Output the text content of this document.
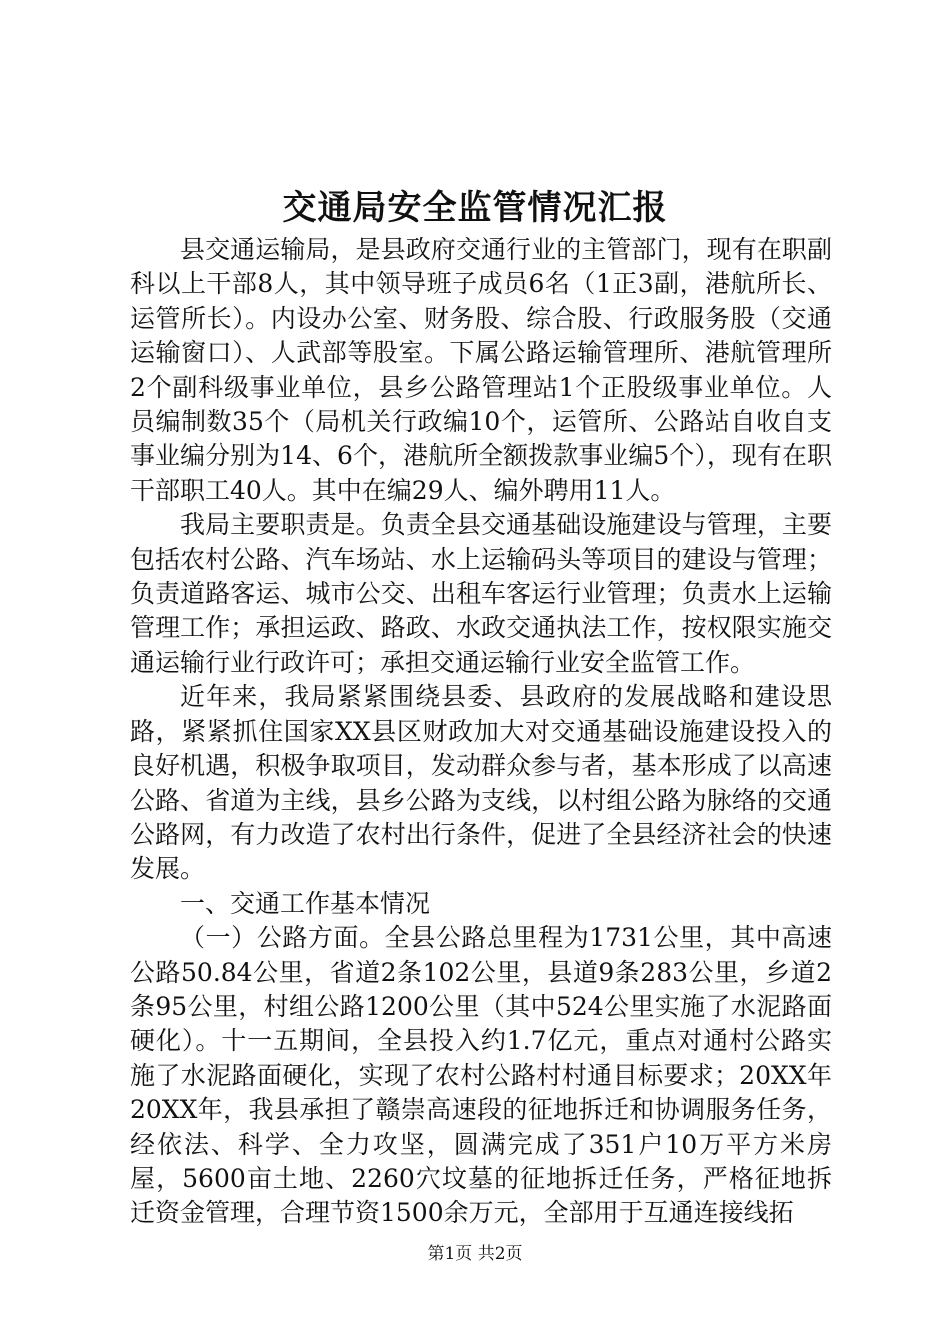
交通局安全监管情况汇报

县交通运输局，是县政府交通行业的主管部门，现有在职副科以上干部8人，其中领导班子成员6名（1正3副，港航所长、运管所长）。内设办公室、财务股、综合股、行政服务股（交通运输窗口）、人武部等股室。下属公路运输管理所、港航管理所2个副科级事业单位，县乡公路管理站1个正股级事业单位。人员编制数35个（局机关行政编10个，运管所、公路站自收自支事业编分别为14、6个，港航所全额拨款事业编5个），现有在职干部职工40人。其中在编29人、编外聘用11人。

我局主要职责是。负责全县交通基础设施建设与管理，主要包括农村公路、汽车场站、水上运输码头等项目的建设与管理；负责道路客运、城市公交、出租车客运行业管理；负责水上运输管理工作；承担运政、路政、水政交通执法工作，按权限实施交通运输行业行政许可；承担交通运输行业安全监管工作。

近年来，我局紧紧围绕县委、县政府的发展战略和建设思路，紧紧抓住国家XX县区财政加大对交通基础设施建设投入的良好机遇，积极争取项目，发动群众参与者，基本形成了以高速公路、省道为主线，县乡公路为支线，以村组公路为脉络的交通公路网，有力改造了农村出行条件，促进了全县经济社会的快速发展。

一、交通工作基本情况

（一）公路方面。全县公路总里程为1731公里，其中高速公路50.84公里，省道2条102公里，县道9条283公里，乡道2条95公里，村组公路1200公里（其中524公里实施了水泥路面硬化）。十一五期间，全县投入约1.7亿元，重点对通村公路实施了水泥路面硬化，实现了农村公路村村通目标要求；20XX年20XX年，我县承担了赣崇高速段的征地拆迁和协调服务任务，经依法、科学、全力攻坚，圆满完成了351户10万平方米房屋，5600亩土地、2260穴坟墓的征地拆迁任务，严格征地拆迁资金管理，合理节资1500余万元，全部用于互通连接线拓

第1页 共2页
